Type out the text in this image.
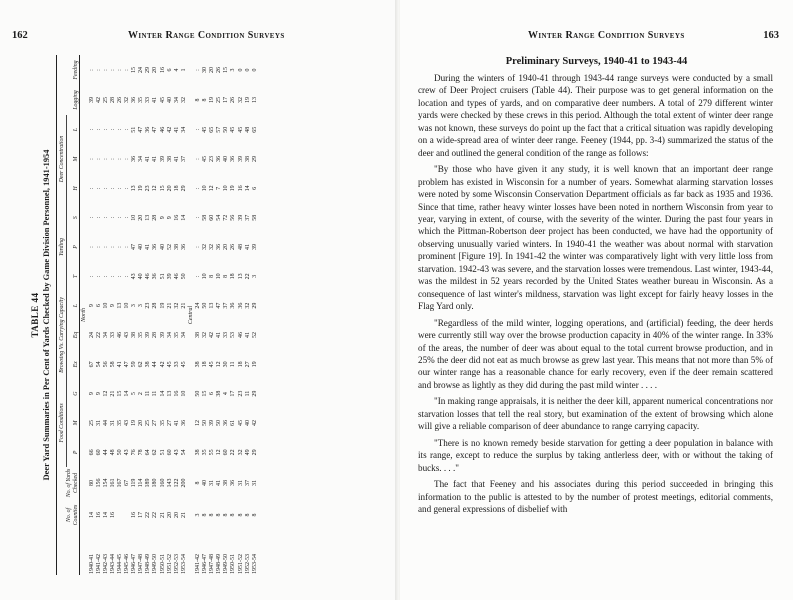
162	Winter Range Condition Surveys
TABLE 44 Deer Yard Summaries in Per Cent of Yards Checked by Game Division Personnel, 1941-1954
			Food Conditions			Browsing Vs. Carrying Capacity			Yarding			Deer Concentration				
	No. of Counties	No. of Yards Checked	P	M	G	Ex	Eq	L	T	P	S	H	M	L	Logging	Feeding

North																
1940-41	14	80	66	25	9	67	24	9	:	:	:	:	:	:	39	:
1941-42	16	156	60	31	9	54	22	6	:	:	:	:	:	:	42	:
1942-43	14	154	44	44	12	56	34	10	:	:	:	:	:	:	25	:
1943-44	16	161	48	31	21	58	33	9	:	:	:	:	:	:	28	:
1944-45		167	50	35	15	41	46	13	:	:	:	:	:	:	26	:
1945-46		67	43	43	14	47	43	10	:	:	:	:	:	:	32	:
1946-47	16	119	76	19	5	59	38	3	43	47	10	13	36	51	36	15
1947-48	17	114	78	20	2	62	35	3	40	40	20	19	34	47	35	24
1948-49	22	189	64	25	11	38	39	23	46	41	13	23	41	36	33	29
1949-50	22	180	62	27	11	44	28	28	36	36	28	12	41	47	41	20
1950-51	21	160	51	35	14	42	39	19	51	40	9	15	39	46	45	16
1951-52	20	143	60	27	13	45	34	21	39	52	9	20	38	42	40	6
1952-53	20	122	43	41	16	33	35	32	46	38	16	18	41	41	34	4
1953-54	21	200	54	36	10	45	34	21	50	36	14	29	37	34	32	1
Central																
1941-42	3	8	38	12	50	38	38	24	:	:	:	:	:	:	8	:
1946-47	8	40	35	50	15	18	32	50	10	32	58	10	45	45	8	30
1947-48	8	31	55	39	6	45	42	13	8	32	60	12	23	65	19	20
1948-49	8	41	12	50	38	12	41	47	10	36	54	7	36	57	25	26
1949-50	8	38	60	36	4	30	33	37	8	20	72	10	40	50	17	15
1950-51	8	36	22	61	17	11	53	36	18	26	56	19	36	45	26	3
1951-52	8	31	32	45	23	18	46	36	13	48	39	16	39	45	32	0
1952-53	8	37	49	40	11	27	41	32	22	41	37	14	38	48	19	0
1953-54	8	31	29	42	29	19	52	29	3	39	58	6	29	65	13	0
Winter Range Condition Surveys	163
Preliminary Surveys, 1940-41 to 1943-44

During the winters of 1940-41 through 1943-44 range surveys were conducted by a small crew of Deer Project cruisers (Table 44). Their purpose was to get general information on the location and types of yards, and on comparative deer numbers. A total of 279 different winter yards were checked by these crews in this period. Although the total extent of winter deer range was not known, these surveys do point up the fact that a critical situation was rapidly developing on a wide-spread area of winter deer range. Feeney (1944, pp. 3-4) summarized the status of the deer and outlined the general condition of the range as follows:

"By those who have given it any study, it is well known that an important deer range problem has existed in Wisconsin for a number of years. Somewhat alarming starvation losses were noted by some Wisconsin Conservation Department officials as far back as 1935 and 1936. Since that time, rather heavy winter losses have been noted in northern Wisconsin from year to year, varying in extent, of course, with the severity of the winter. During the past four years in which the Pittman-Robertson deer project has been conducted, we have had the opportunity of observing unusually varied winters. In 1940-41 the weather was about normal with starvation prominent [Figure 19]. In 1941-42 the winter was comparatively light with very little loss from starvation. 1942-43 was severe, and the starvation losses were tremendous. Last winter, 1943-44, was the mildest in 52 years recorded by the United States weather bureau in Wisconsin. As a consequence of last winter's mildness, starvation was light except for fairly heavy losses in the Flag Yard only.

"Regardless of the mild winter, logging operations, and (artificial) feeding, the deer herds were currently still way over the browse production capacity in 40% of the winter range. In 33% of the areas, the number of deer was about equal to the total current browse production, and in 25% the deer did not eat as much browse as grew last year. This means that not more than 5% of our winter range has a reasonable chance for early recovery, even if the deer remain scattered and browse as lightly as they did during the past mild winter . . . .

"In making range appraisals, it is neither the deer kill, apparent numerical concentrations nor starvation losses that tell the real story, but examination of the extent of browsing which alone will give a reliable comparison of deer abundance to range carrying capacity.

"There is no known remedy beside starvation for getting a deer population in balance with its range, except to reduce the surplus by taking antlerless deer, with or without the taking of bucks. . . ."

The fact that Feeney and his associates during this period succeeded in bringing this information to the public is attested to by the number of protest meetings, editorial comments, and general expressions of disbelief with
